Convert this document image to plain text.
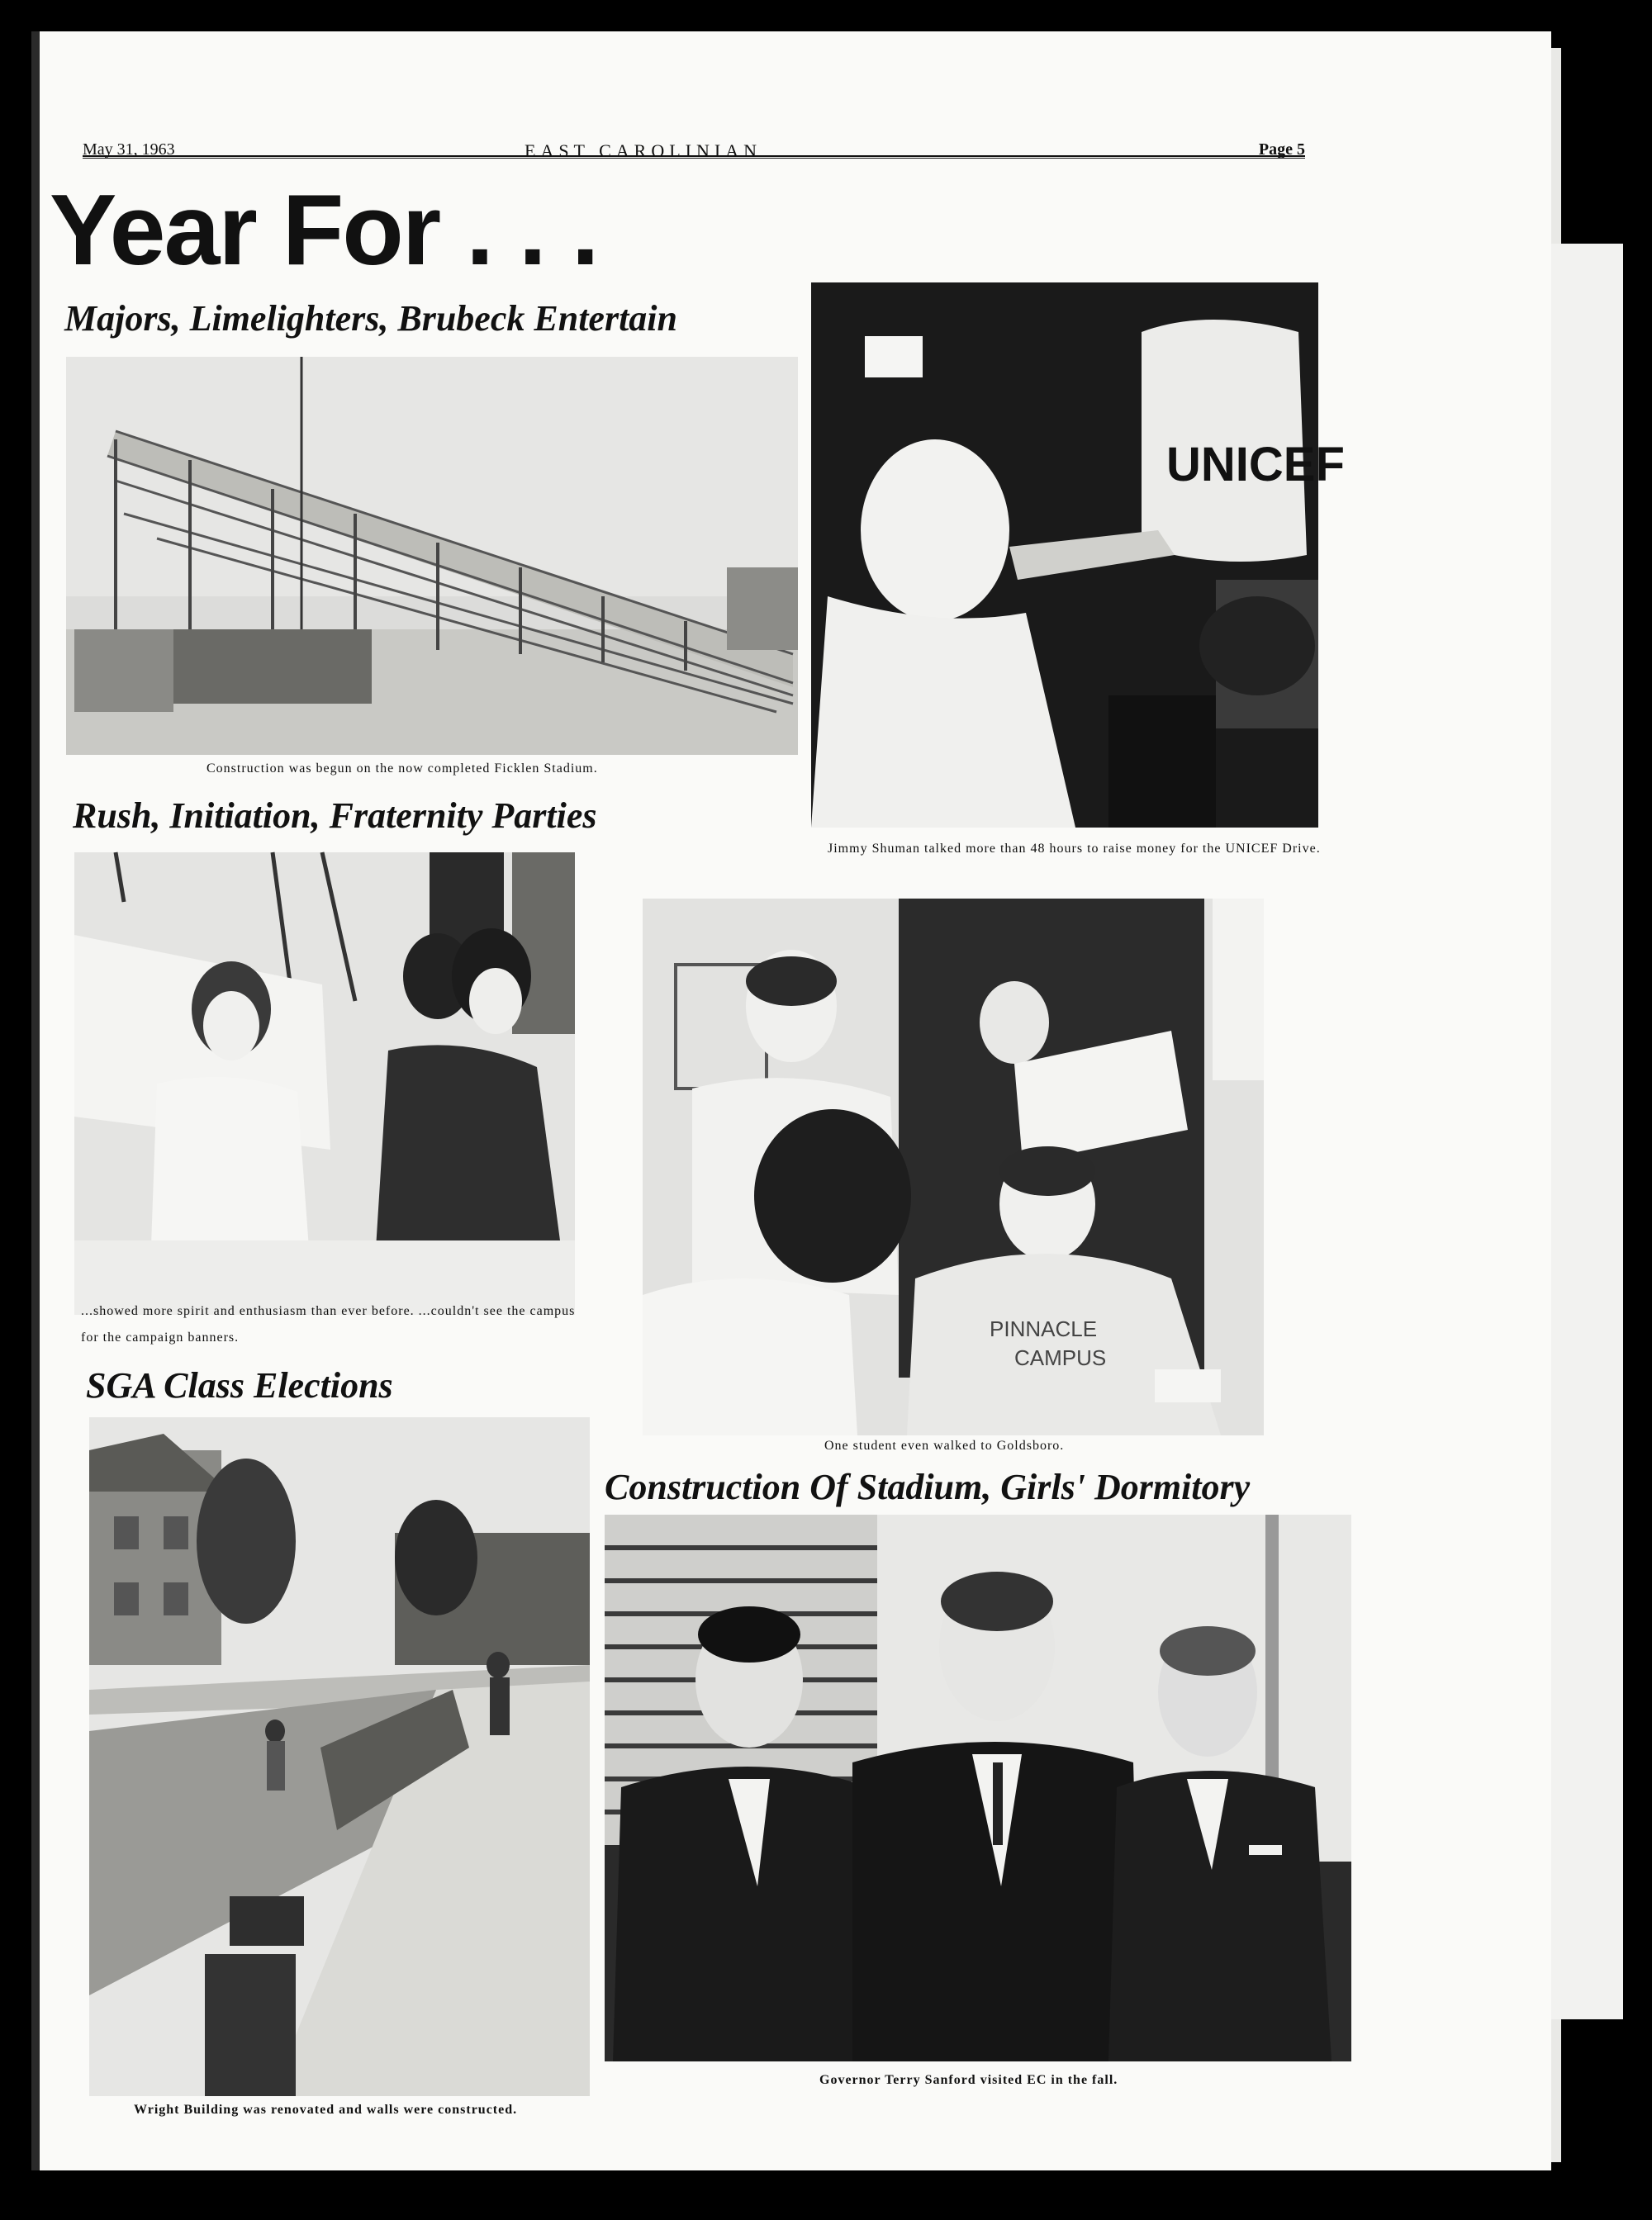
May 31, 1963	EAST CAROLINIAN	Page 5
Year For . . .
Majors, Limelighters, Brubeck Entertain
Construction was begun on the now completed Ficklen Stadium.
UNICEF
Jimmy Shuman talked more than 48 hours to raise money for the UNICEF Drive.
Rush, Initiation, Fraternity Parties
...showed more spirit and enthusiasm than ever before. ...couldn't see the campus for the campaign banners.	PINNACLE
CAMPUS
One student even walked to Goldsboro.
SGA Class Elections
Construction Of Stadium, Girls' Dormitory
Wright Building was renovated and walls were constructed.
Governor Terry Sanford visited EC in the fall.
